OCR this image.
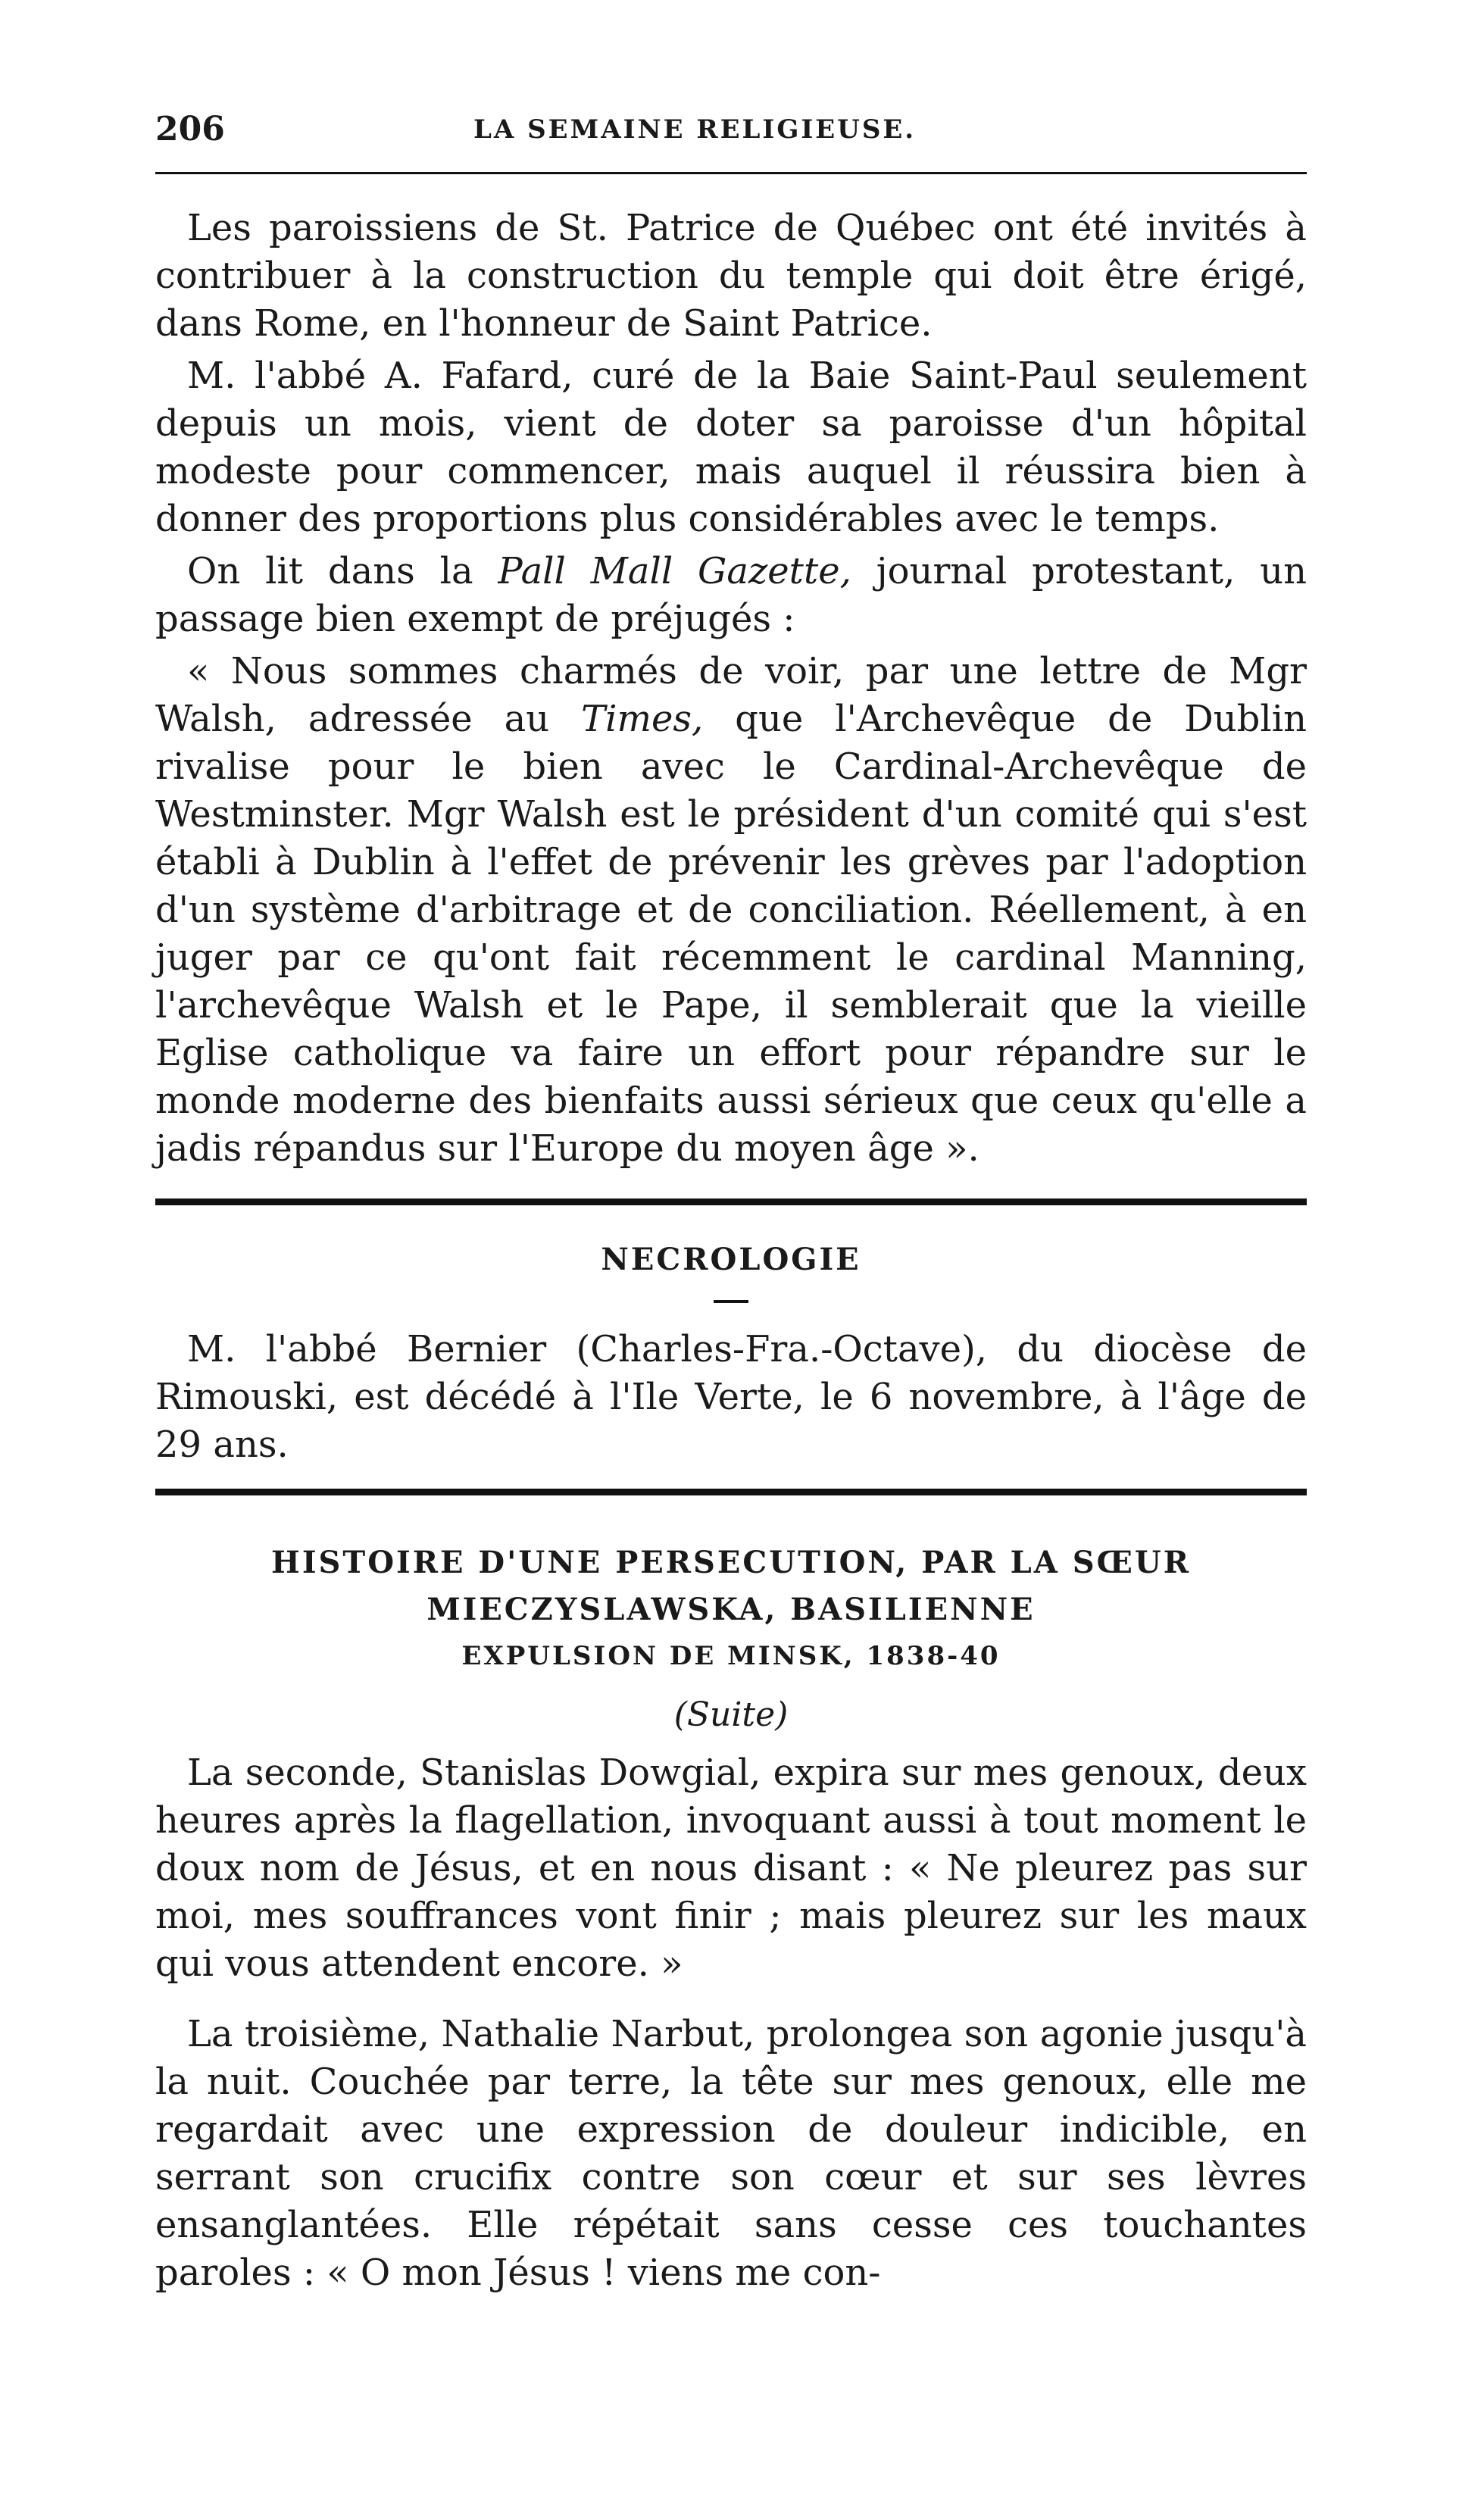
206	LA SEMAINE RELIGIEUSE.

Les paroissiens de St. Patrice de Québec ont été invités à contribuer à la construction du temple qui doit être érigé, dans Rome, en l'honneur de Saint Patrice.

M. l'abbé A. Fafard, curé de la Baie Saint-Paul seulement depuis un mois, vient de doter sa paroisse d'un hôpital modeste pour commencer, mais auquel il réussira bien à donner des proportions plus considérables avec le temps.

On lit dans la Pall Mall Gazette, journal protestant, un passage bien exempt de préjugés :

« Nous sommes charmés de voir, par une lettre de Mgr Walsh, adressée au Times, que l'Archevêque de Dublin rivalise pour le bien avec le Cardinal-Archevêque de Westminster. Mgr Walsh est le président d'un comité qui s'est établi à Dublin à l'effet de prévenir les grèves par l'adoption d'un système d'arbitrage et de conciliation. Réellement, à en juger par ce qu'ont fait récemment le cardinal Manning, l'archevêque Walsh et le Pape, il semblerait que la vieille Eglise catholique va faire un effort pour répandre sur le monde moderne des bienfaits aussi sérieux que ceux qu'elle a jadis répandus sur l'Europe du moyen âge ».

NECROLOGIE

M. l'abbé Bernier (Charles-Fra.-Octave), du diocèse de Rimouski, est décédé à l'Ile Verte, le 6 novembre, à l'âge de 29 ans.

HISTOIRE D'UNE PERSECUTION, PAR LA SŒUR
MIECZYSLAWSKA, BASILIENNE
EXPULSION DE MINSK, 1838-40
(Suite)

La seconde, Stanislas Dowgial, expira sur mes genoux, deux heures après la flagellation, invoquant aussi à tout moment le doux nom de Jésus, et en nous disant : « Ne pleurez pas sur moi, mes souffrances vont finir ; mais pleurez sur les maux qui vous attendent encore. »

La troisième, Nathalie Narbut, prolongea son agonie jusqu'à la nuit. Couchée par terre, la tête sur mes genoux, elle me regardait avec une expression de douleur indicible, en serrant son crucifix contre son cœur et sur ses lèvres ensanglantées. Elle répétait sans cesse ces touchantes paroles : « O mon Jésus ! viens me con-
